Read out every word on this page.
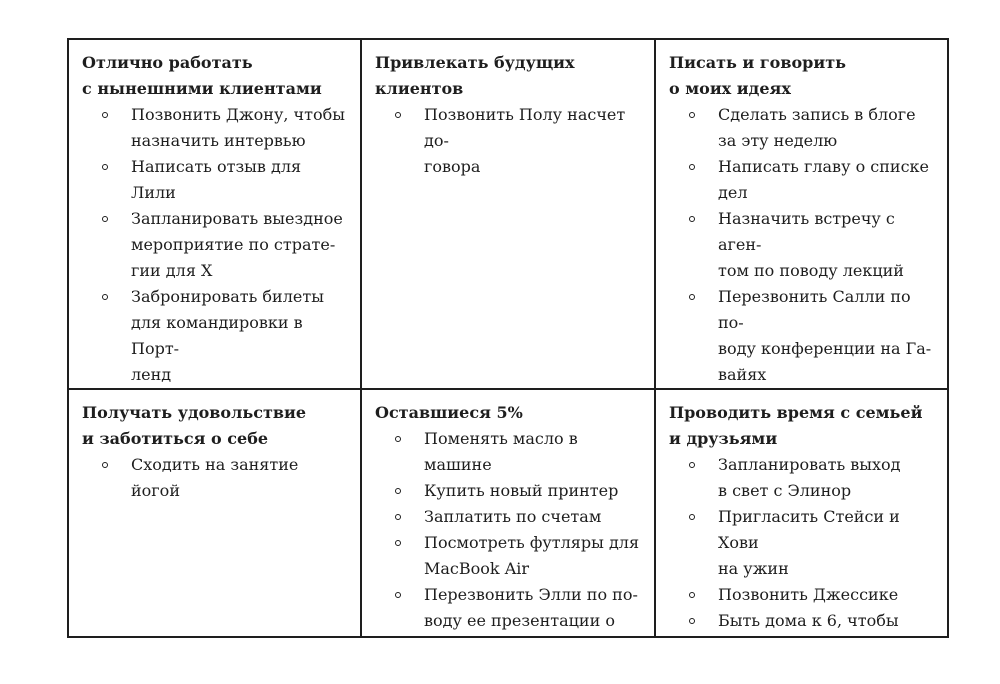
Отлично работать
с нынешними клиентами

Позвонить Джону, чтобы
назначить интервью
Написать отзыв для Лили
Запланировать выездное
мероприятие по страте-
гии для X
Забронировать билеты
для командировки в Порт-
ленд

Привлекать будущих
клиентов

Позвонить Полу насчет до-
говора

Писать и говорить
о моих идеях

Сделать запись в блоге
за эту неделю
Написать главу о списке
дел
Назначить встречу с аген-
том по поводу лекций
Перезвонить Салли по по-
воду конференции на Га-
вайях

Получать удовольствие
и заботиться о себе

Сходить на занятие йогой

Оставшиеся 5%

Поменять масло в машине
Купить новый принтер
Заплатить по счетам
Посмотреть футляры для
MacBook Air
Перезвонить Элли по по-
воду ее презентации о

Проводить время с семьей
и друзьями

Запланировать выход
в свет с Элинор
Пригласить Стейси и Хови
на ужин
Позвонить Джессике
Быть дома к 6, чтобы
